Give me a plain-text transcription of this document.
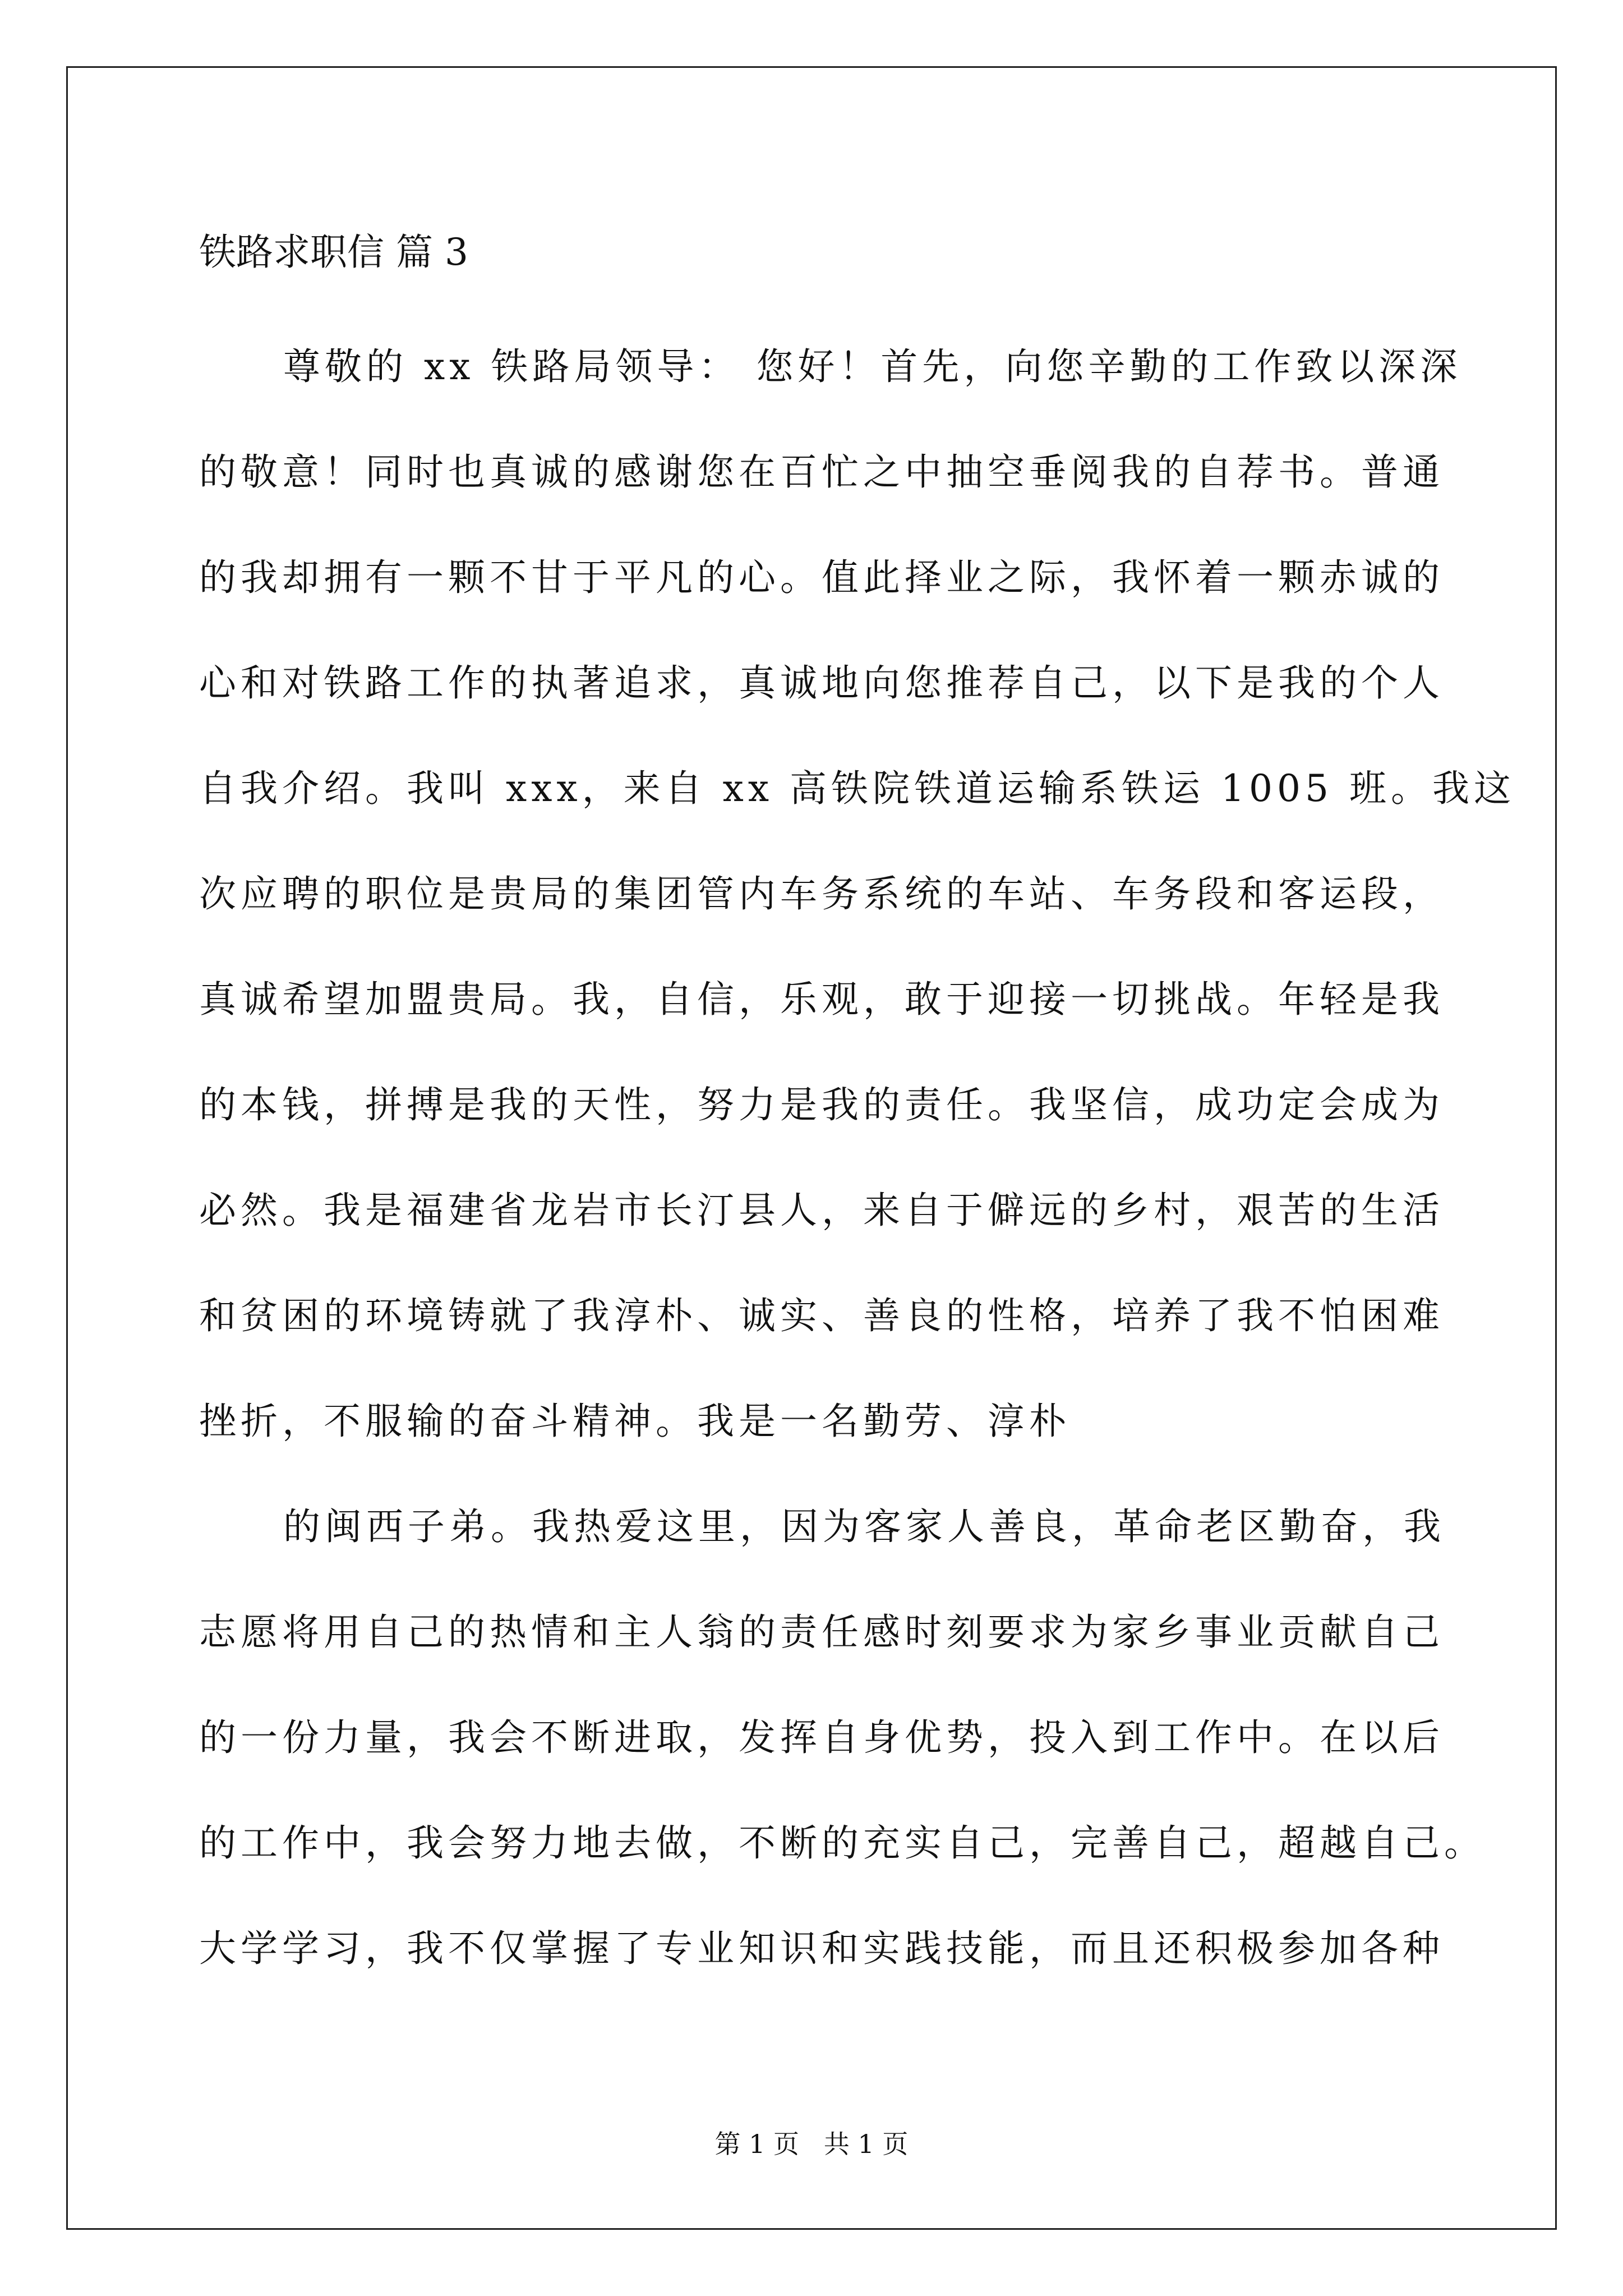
铁路求职信 篇 3
尊敬的 xx 铁路局领导： 您好！首先，向您辛勤的工作致以深深
的敬意！同时也真诚的感谢您在百忙之中抽空垂阅我的自荐书。普通
的我却拥有一颗不甘于平凡的心。值此择业之际，我怀着一颗赤诚的
心和对铁路工作的执著追求，真诚地向您推荐自己，以下是我的个人
自我介绍。我叫 xxx，来自 xx 高铁院铁道运输系铁运 1005 班。我这
次应聘的职位是贵局的集团管内车务系统的车站、车务段和客运段，
真诚希望加盟贵局。我，自信，乐观，敢于迎接一切挑战。年轻是我
的本钱，拼搏是我的天性，努力是我的责任。我坚信，成功定会成为
必然。我是福建省龙岩市长汀县人，来自于僻远的乡村，艰苦的生活
和贫困的环境铸就了我淳朴、诚实、善良的性格，培养了我不怕困难
挫折，不服输的奋斗精神。我是一名勤劳、淳朴
的闽西子弟。我热爱这里，因为客家人善良，革命老区勤奋，我
志愿将用自己的热情和主人翁的责任感时刻要求为家乡事业贡献自己
的一份力量，我会不断进取，发挥自身优势，投入到工作中。在以后
的工作中，我会努力地去做，不断的充实自己，完善自己，超越自己。
大学学习，我不仅掌握了专业知识和实践技能，而且还积极参加各种
第 1 页   共 1 页
